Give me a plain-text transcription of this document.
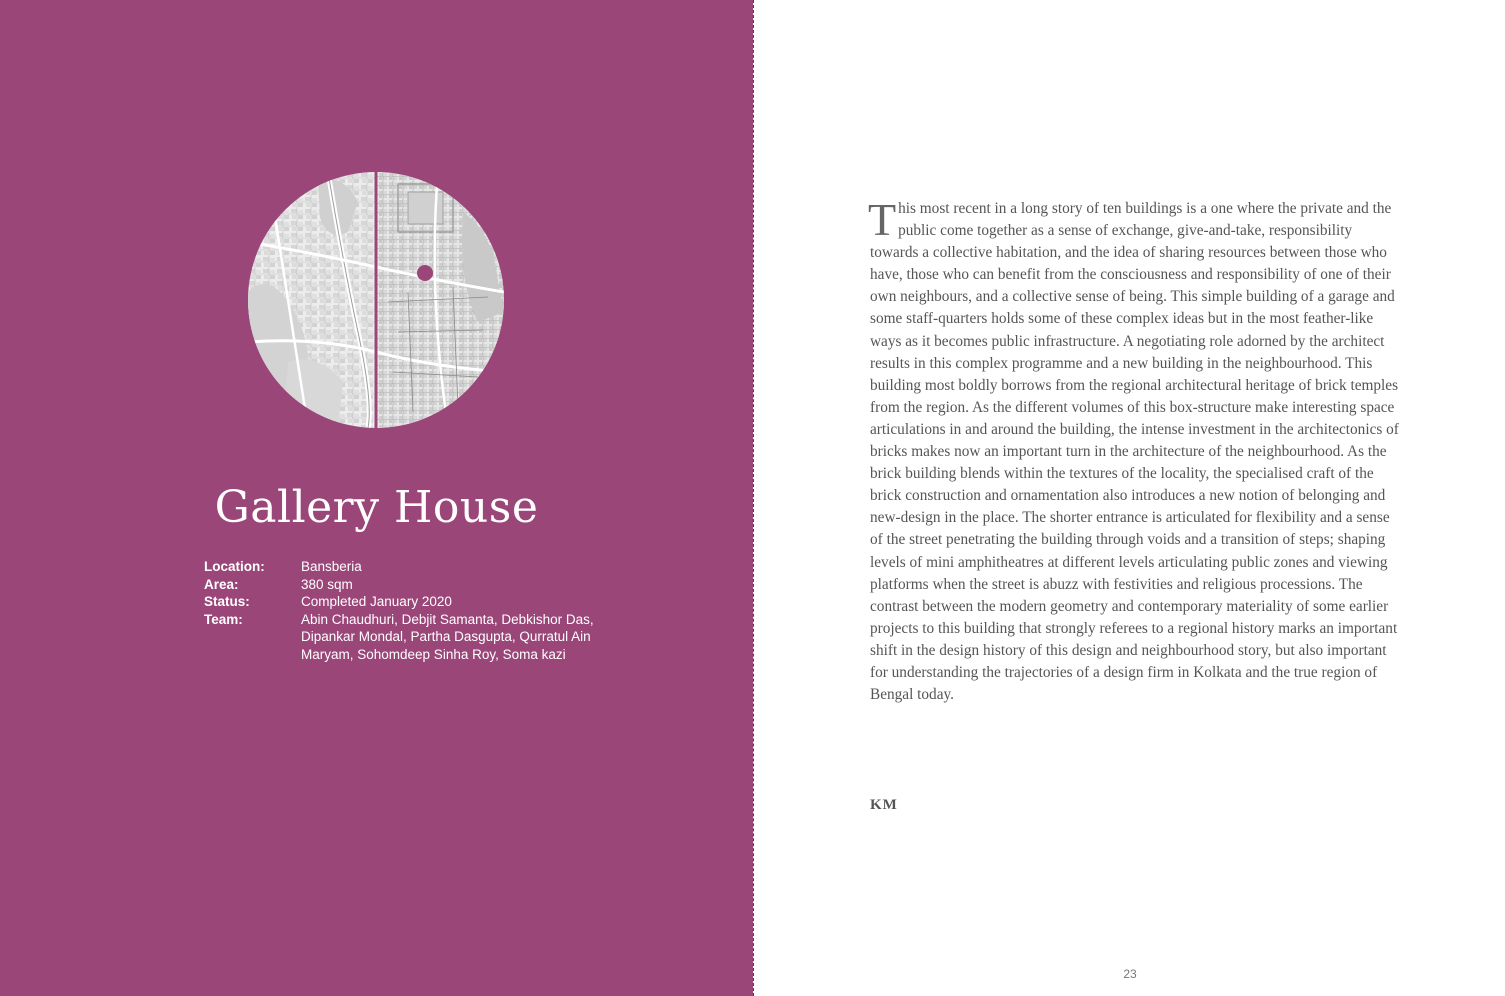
Gallery House
Location:	Bansberia
Area:	380 sqm
Status:	Completed January 2020
Team:	Abin Chaudhuri, Debjit Samanta, Debkishor Das, Dipankar Mondal, Partha Dasgupta, Qurratul Ain Maryam, Sohomdeep Sinha Roy, Soma kazi

This most recent in a long story of ten buildings is a one where the private and the public come together as a sense of exchange, give-and-take, responsibility towards a collective habitation, and the idea of sharing resources between those who have, those who can benefit from the consciousness and responsibility of one of their own neighbours, and a collective sense of being. This simple building of a garage and some staff-quarters holds some of these complex ideas but in the most feather-like ways as it becomes public infrastructure. A negotiating role adorned by the architect results in this complex programme and a new building in the neighbourhood. This building most boldly borrows from the regional architectural heritage of brick temples from the region. As the different volumes of this box-structure make interesting space articulations in and around the building, the intense investment in the architectonics of bricks makes now an important turn in the architecture of the neighbourhood. As the brick building blends within the textures of the locality, the specialised craft of the brick construction and ornamentation also introduces a new notion of belonging and new-design in the place. The shorter entrance is articulated for flexibility and a sense of the street penetrating the building through voids and a transition of steps; shaping levels of mini amphitheatres at different levels articulating public zones and viewing platforms when the street is abuzz with festivities and religious processions. The contrast between the modern geometry and contemporary materiality of some earlier projects to this building that strongly referees to a regional history marks an important shift in the design history of this design and neighbourhood story, but also important for understanding the trajectories of a design firm in Kolkata and the true region of Bengal today.

KM
23
